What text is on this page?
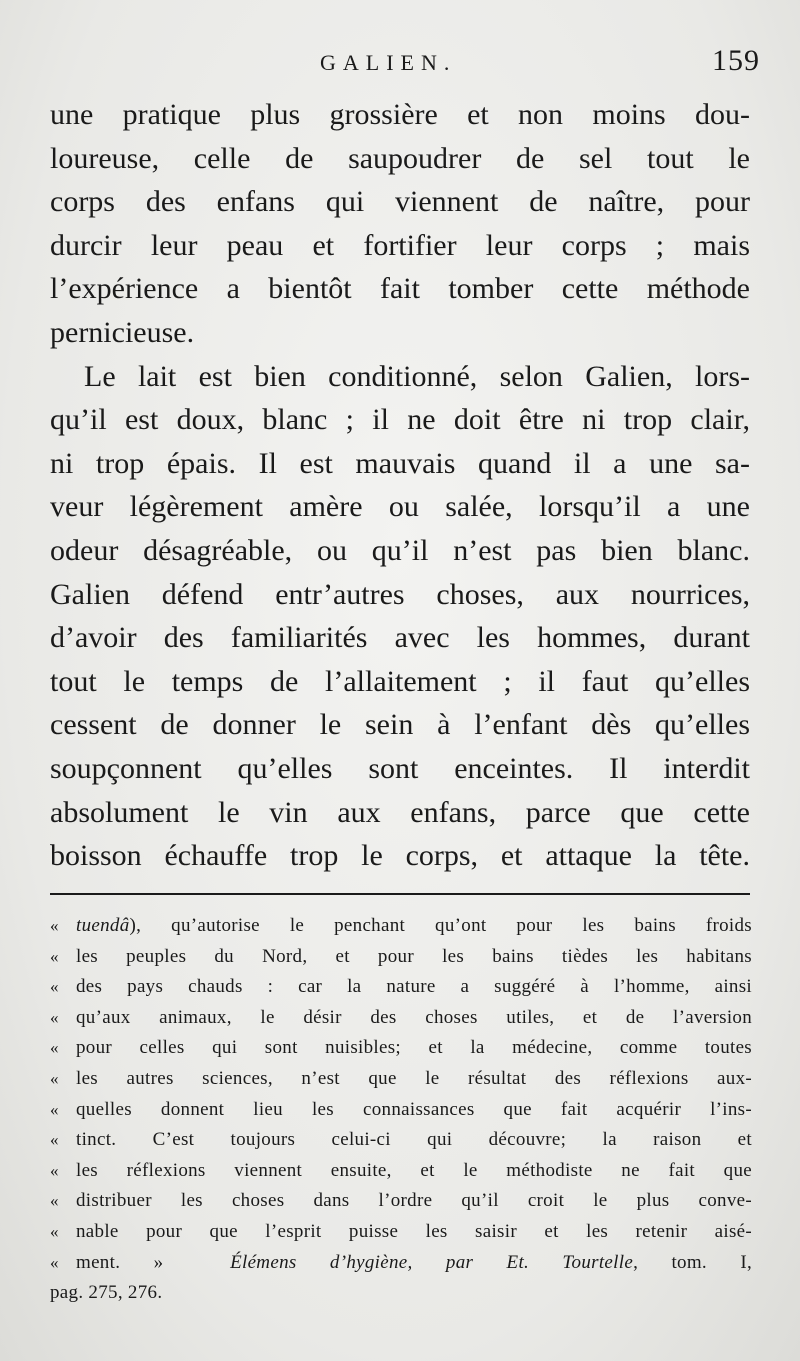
GALIEN.	159
une pratique plus grossière et non moins dou-
loureuse, celle de saupoudrer de sel tout le
corps des enfans qui viennent de naître, pour
durcir leur peau et fortifier leur corps ; mais
l’expérience a bientôt fait tomber cette méthode
pernicieuse.
Le lait est bien conditionné, selon Galien, lors-
qu’il est doux, blanc ; il ne doit être ni trop clair,
ni trop épais. Il est mauvais quand il a une sa-
veur légèrement amère ou salée, lorsqu’il a une
odeur désagréable, ou qu’il n’est pas bien blanc.
Galien défend entr’autres choses, aux nourrices,
d’avoir des familiarités avec les hommes, durant
tout le temps de l’allaitement ; il faut qu’elles
cessent de donner le sein à l’enfant dès qu’elles
soupçonnent qu’elles sont enceintes. Il interdit
absolument le vin aux enfans, parce que cette
boisson échauffe trop le corps, et attaque la tête.
« tuendâ), qu’autorise le penchant qu’ont pour les bains froids
« les peuples du Nord, et pour les bains tièdes les habitans
« des pays chauds : car la nature a suggéré à l’homme, ainsi
« qu’aux animaux, le désir des choses utiles, et de l’aversion
« pour celles qui sont nuisibles; et la médecine, comme toutes
« les autres sciences, n’est que le résultat des réflexions aux-
« quelles donnent lieu les connaissances que fait acquérir l’ins-
« tinct. C’est toujours celui-ci qui découvre; la raison et
« les réflexions viennent ensuite, et le méthodiste ne fait que
« distribuer les choses dans l’ordre qu’il croit le plus conve-
« nable pour que l’esprit puisse les saisir et les retenir aisé-
« ment. »	Élémens d’hygiène, par Et. Tourtelle, tom. I,
pag. 275, 276.
